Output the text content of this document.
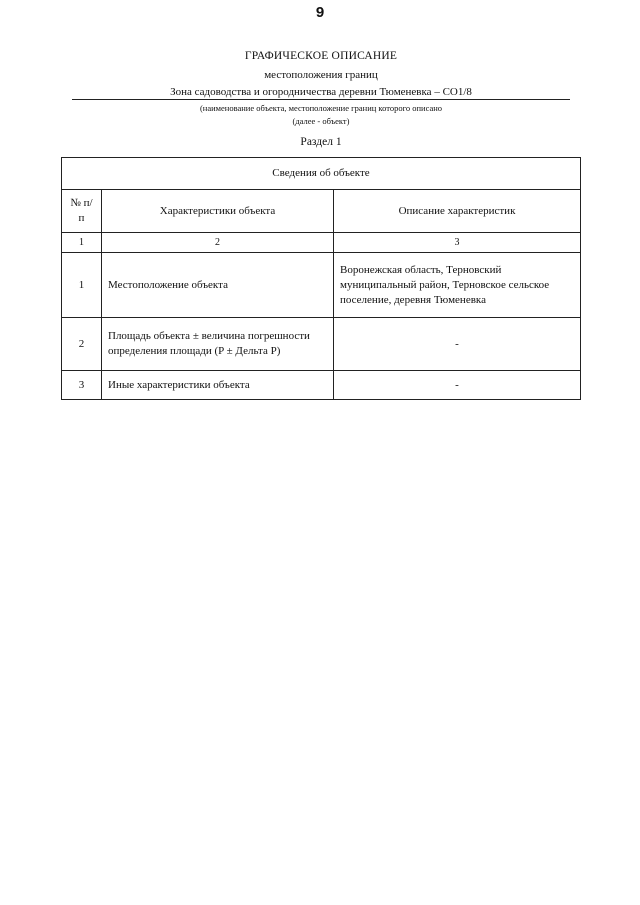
9
ГРАФИЧЕСКОЕ ОПИСАНИЕ
местоположения границ
Зона садоводства и огородничества деревни Тюменевка – СО1/8
(наименование объекта, местоположение границ которого описано
(далее - объект)
Раздел 1
Сведения об объекте		
№ п/п	Характеристики объекта	Описание характеристик
1	2	3
1	Местоположение объекта	Воронежская область, Терновский муниципальный район, Терновское сельское поселение, деревня Тюменевка
2	Площадь объекта ± величина погрешности определения площади (P ± Дельта P)	-
3	Иные характеристики объекта	-
